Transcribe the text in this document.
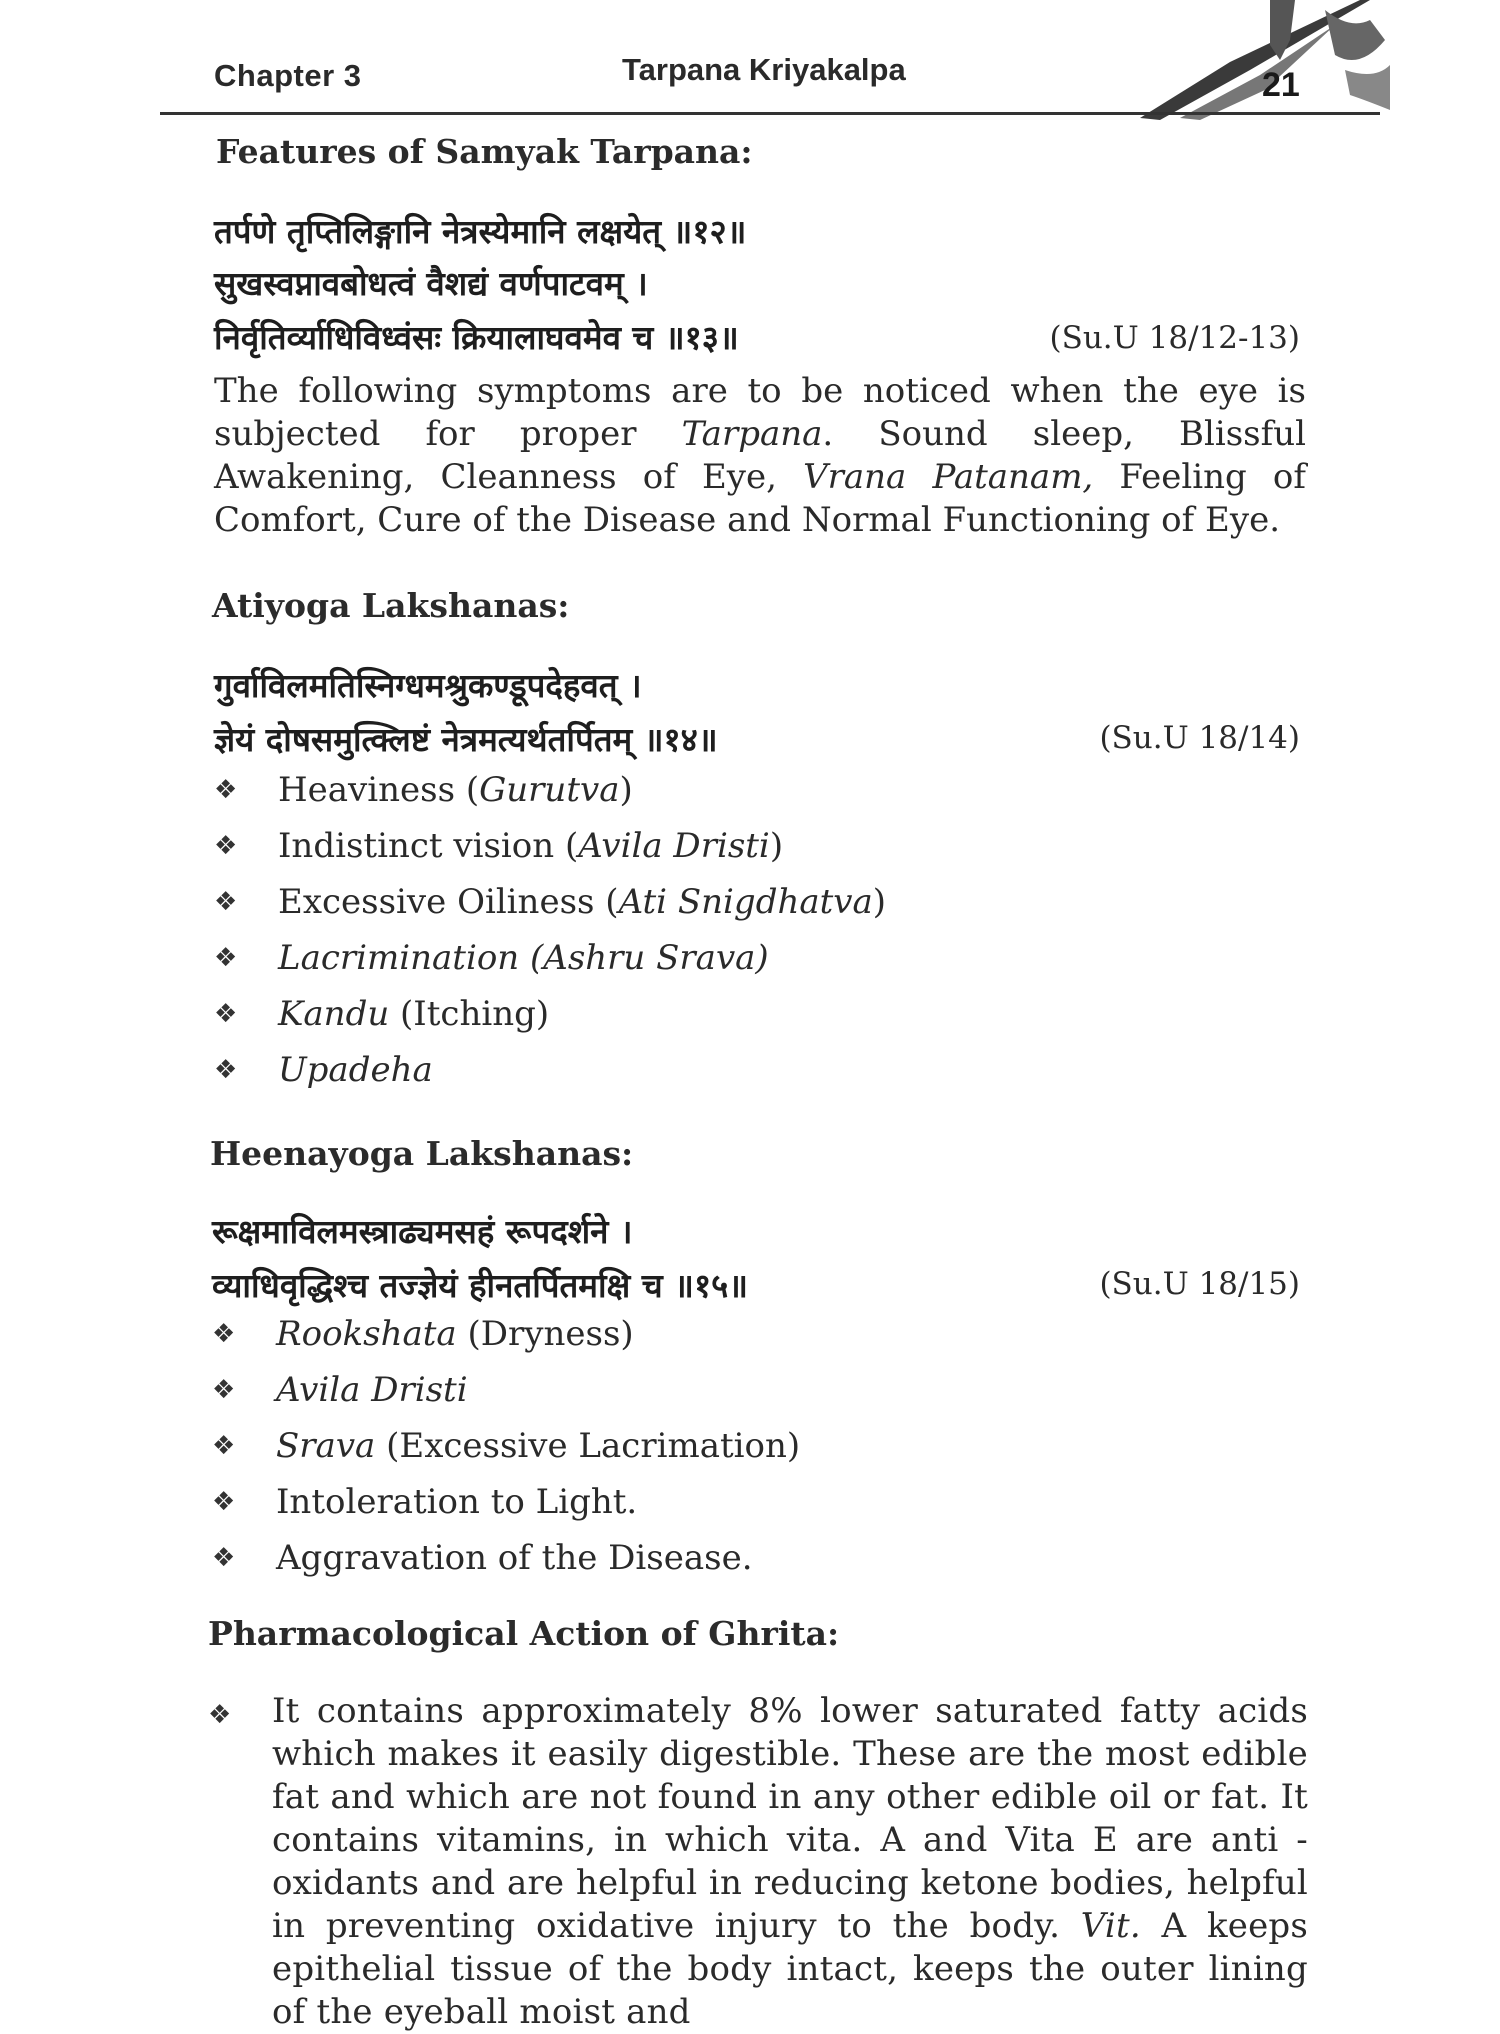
Chapter 3	Tarpana Kriyakalpa	21
Features of Samyak Tarpana:
तर्पणे तृप्तिलिङ्गानि नेत्रस्येमानि लक्षयेत् ॥१२॥
सुखस्वप्नावबोधत्वं वैशद्यं वर्णपाटवम् ।
निर्वृतिर्व्याधिविध्वंसः क्रियालाघवमेव च ॥१३॥	(Su.U 18/12-13)

The following symptoms are to be noticed when the eye is subjected for proper Tarpana. Sound sleep, Blissful Awakening, Cleanness of Eye, Vrana Patanam, Feeling of Comfort, Cure of the Disease and Normal Functioning of Eye.

Atiyoga Lakshanas:
गुर्वाविलमतिस्निग्धमश्रुकण्डूपदेहवत् ।
ज्ञेयं दोषसमुत्क्लिष्टं नेत्रमत्यर्थतर्पितम् ॥१४॥	(Su.U 18/14)
❖ Heaviness (Gurutva)
❖ Indistinct vision (Avila Dristi)
❖ Excessive Oiliness (Ati Snigdhatva)
❖ Lacrimination (Ashru Srava)
❖ Kandu (Itching)
❖ Upadeha
Heenayoga Lakshanas:
रूक्षमाविलमस्त्राढ्यमसहं रूपदर्शने ।
व्याधिवृद्धिश्च तज्ज्ञेयं हीनतर्पितमक्षि च ॥१५॥	(Su.U 18/15)
❖ Rookshata (Dryness)
❖ Avila Dristi
❖ Srava (Excessive Lacrimation)
❖ Intoleration to Light.
❖ Aggravation of the Disease.
Pharmacological Action of Ghrita:
❖ It contains approximately 8% lower saturated fatty acids which makes it easily digestible. These are the most edible fat and which are not found in any other edible oil or fat. It contains vitamins, in which vita. A and Vita E are anti -oxidants and are helpful in reducing ketone bodies, helpful in preventing oxidative injury to the body. Vit. A keeps epithelial tissue of the body intact, keeps the outer lining of the eyeball moist and
